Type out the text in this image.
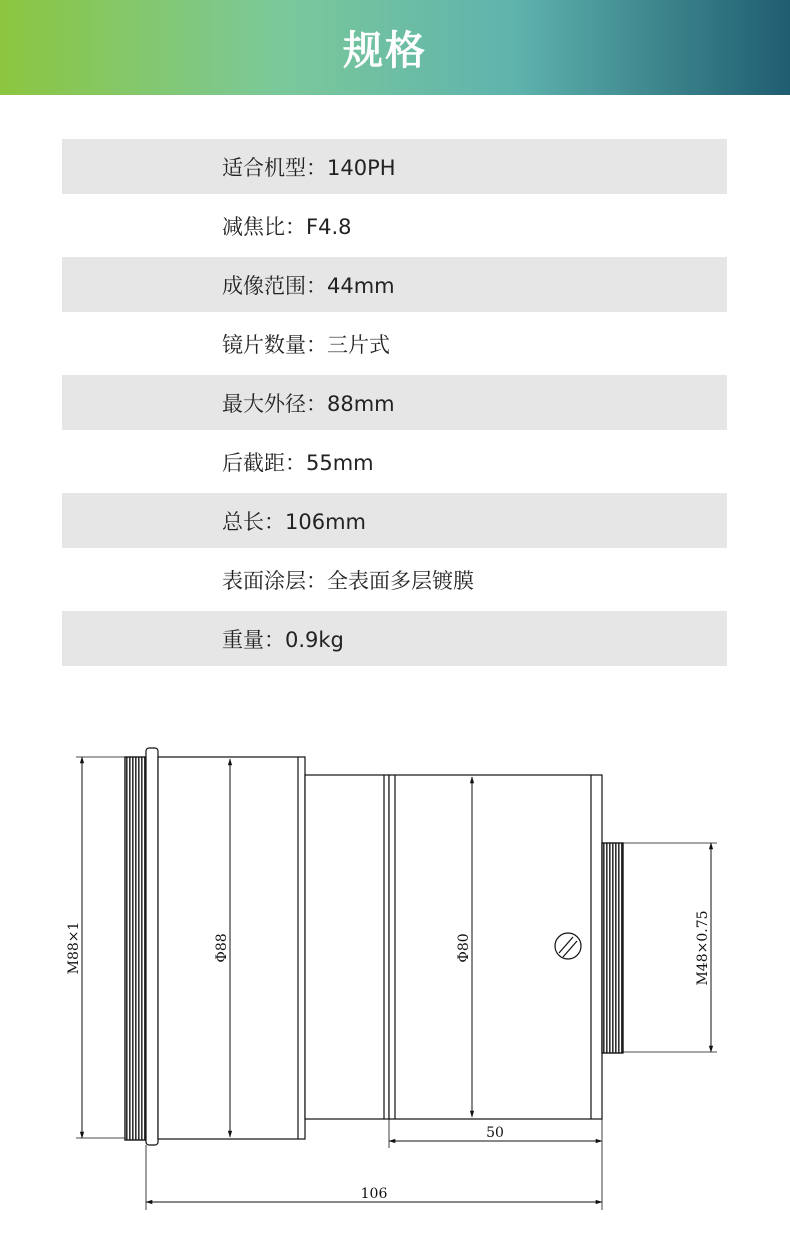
规格
适合机型：140PH
减焦比：F4.8
成像范围：44mm
镜片数量：三片式
最大外径：88mm
后截距：55mm
总长：106mm
表面涂层：全表面多层镀膜
重量：0.9kg
M88×1	Φ88	Φ80	M48×0.75
50
106
